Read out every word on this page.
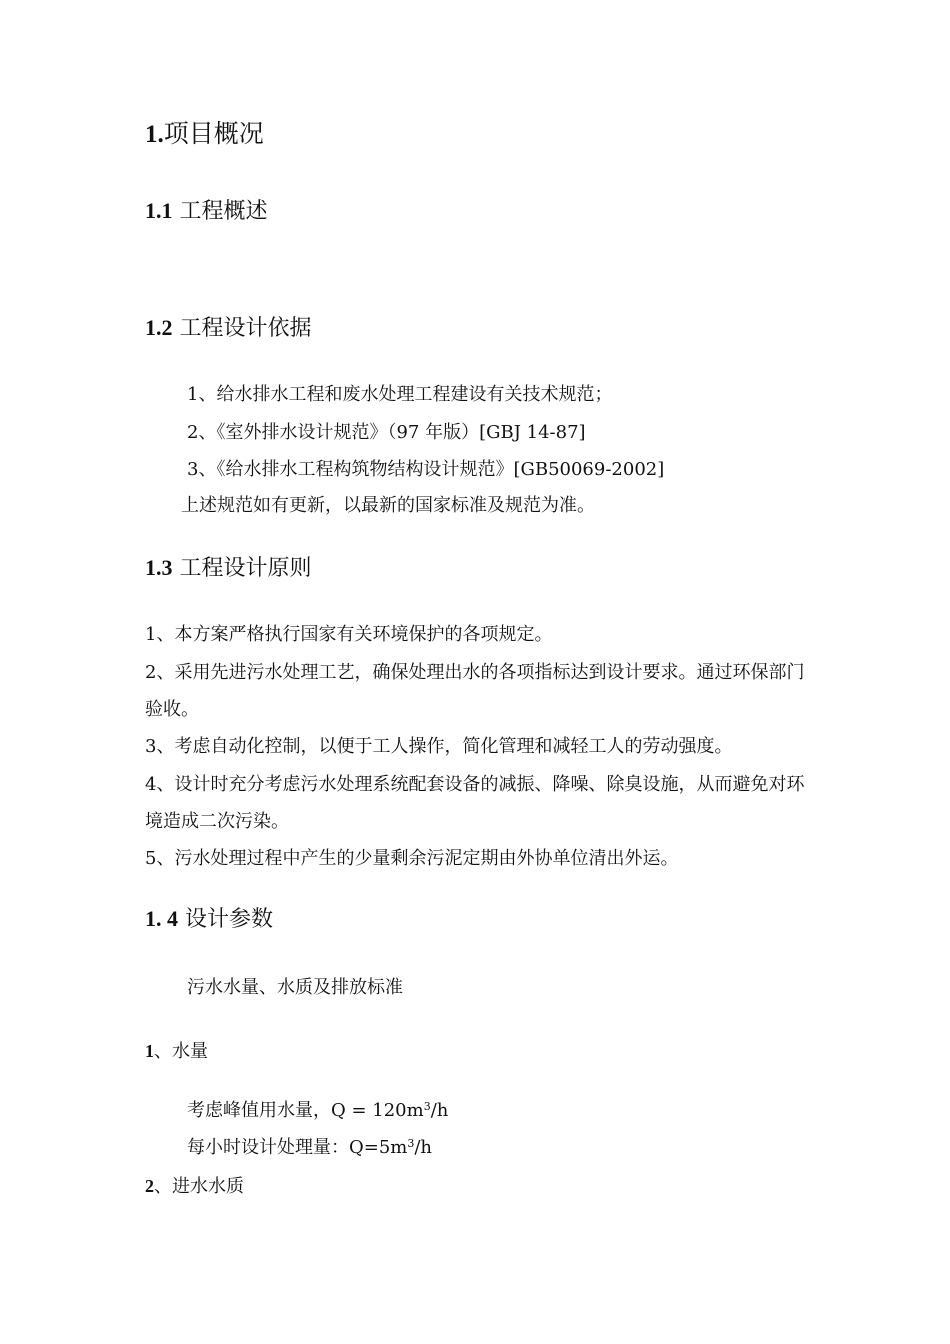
1.项目概况
1.1 工程概述
1.2 工程设计依据
1、给水排水工程和废水处理工程建设有关技术规范；
2、《室外排水设计规范》（97 年版）[GBJ 14-87]
3、《给水排水工程构筑物结构设计规范》[GB50069-2002]
上述规范如有更新，以最新的国家标准及规范为准。
1.3 工程设计原则
1、本方案严格执行国家有关环境保护的各项规定。
2、采用先进污水处理工艺，确保处理出水的各项指标达到设计要求。通过环保部门验收。
3、考虑自动化控制，以便于工人操作，简化管理和减轻工人的劳动强度。
4、设计时充分考虑污水处理系统配套设备的减振、降噪、除臭设施，从而避免对环境造成二次污染。
5、污水处理过程中产生的少量剩余污泥定期由外协单位清出外运。
1. 4 设计参数
污水水量、水质及排放标准
1、水量
考虑峰值用水量，$Q = 120m^3/h$
每小时设计处理量：$Q=5m^3/h$
2、进水水质
